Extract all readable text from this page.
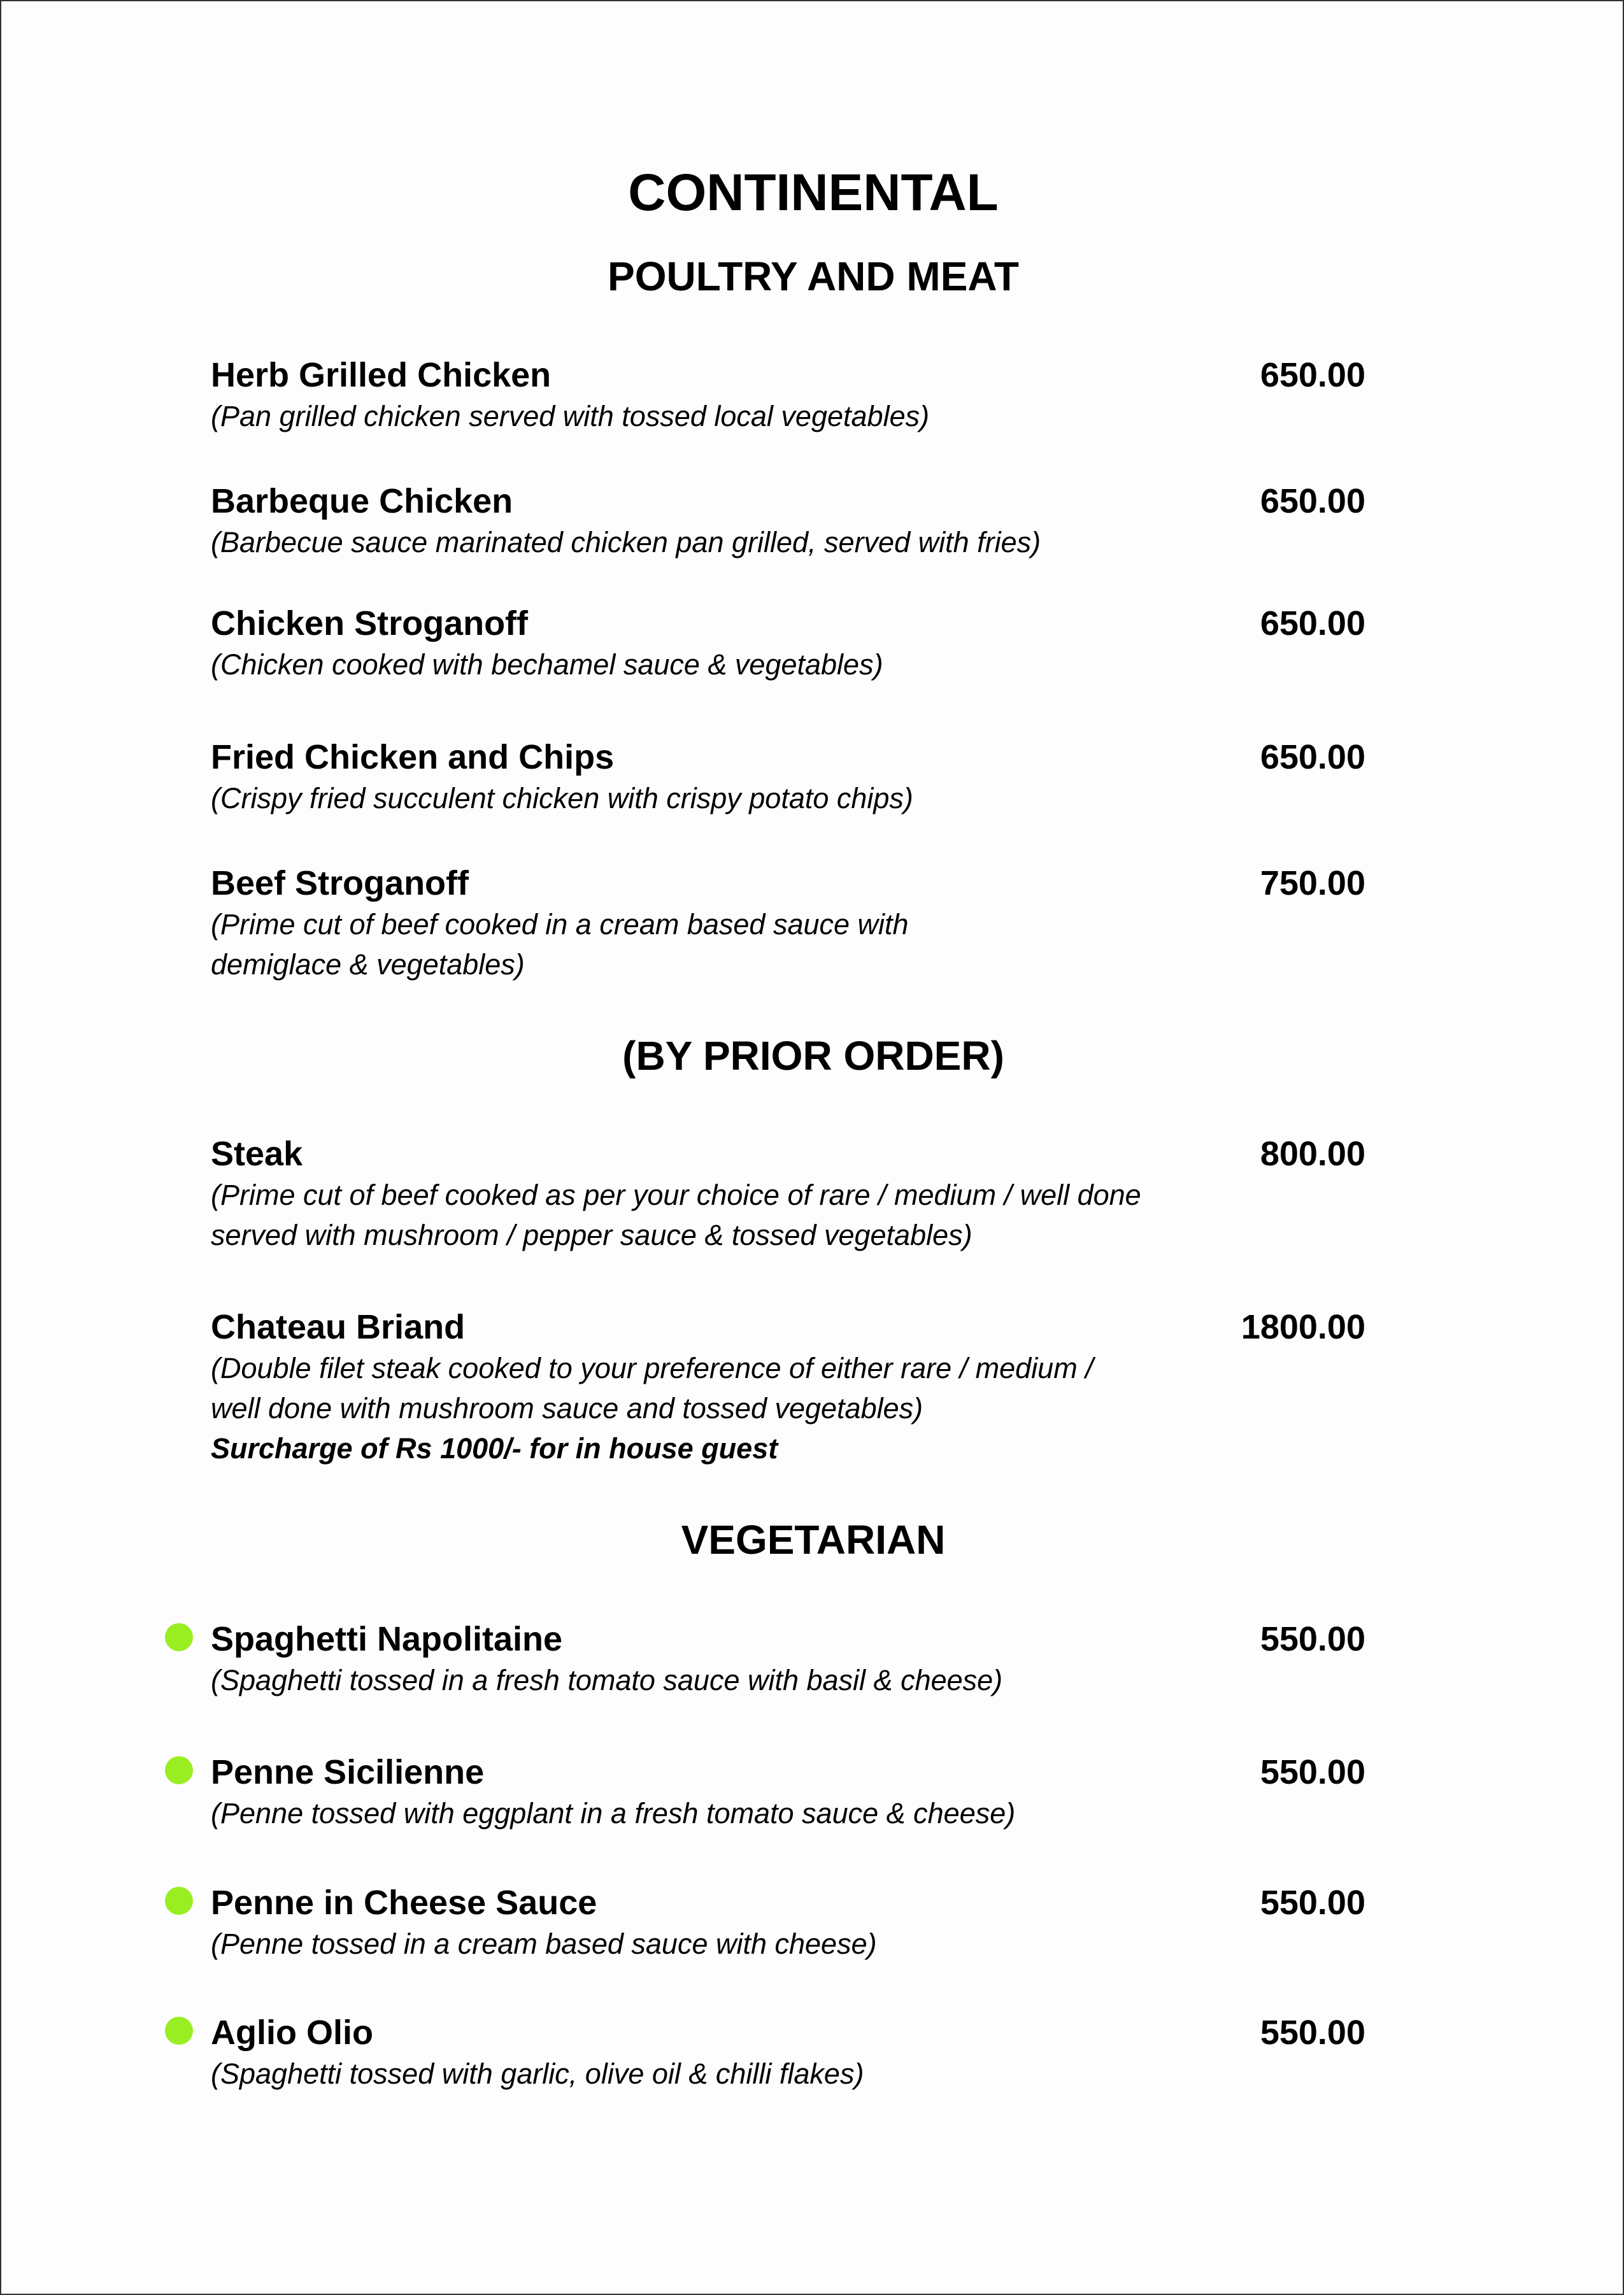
CONTINENTAL
POULTRY AND MEAT
Herb Grilled Chicken	650.00
(Pan grilled chicken served with tossed local vegetables)
Barbeque Chicken	650.00
(Barbecue sauce marinated chicken pan grilled, served with fries)
Chicken Stroganoff	650.00
(Chicken cooked with bechamel sauce & vegetables)
Fried Chicken and Chips	650.00
(Crispy fried succulent chicken with crispy potato chips)
Beef Stroganoff	750.00
(Prime cut of beef cooked in a cream based sauce with
demiglace & vegetables)
(BY PRIOR ORDER)
Steak	800.00
(Prime cut of beef cooked as per your choice of rare / medium / well done
served with mushroom / pepper sauce & tossed vegetables)
Chateau Briand	1800.00
(Double filet steak cooked to your preference of either rare / medium /
well done with mushroom sauce and tossed vegetables)
Surcharge of Rs 1000/- for in house guest
VEGETARIAN
Spaghetti Napolitaine	550.00
(Spaghetti tossed in a fresh tomato sauce with basil & cheese)
Penne Sicilienne	550.00
(Penne tossed with eggplant in a fresh tomato sauce & cheese)
Penne in Cheese Sauce	550.00
(Penne tossed in a cream based sauce with cheese)
Aglio Olio	550.00
(Spaghetti tossed with garlic, olive oil & chilli flakes)
